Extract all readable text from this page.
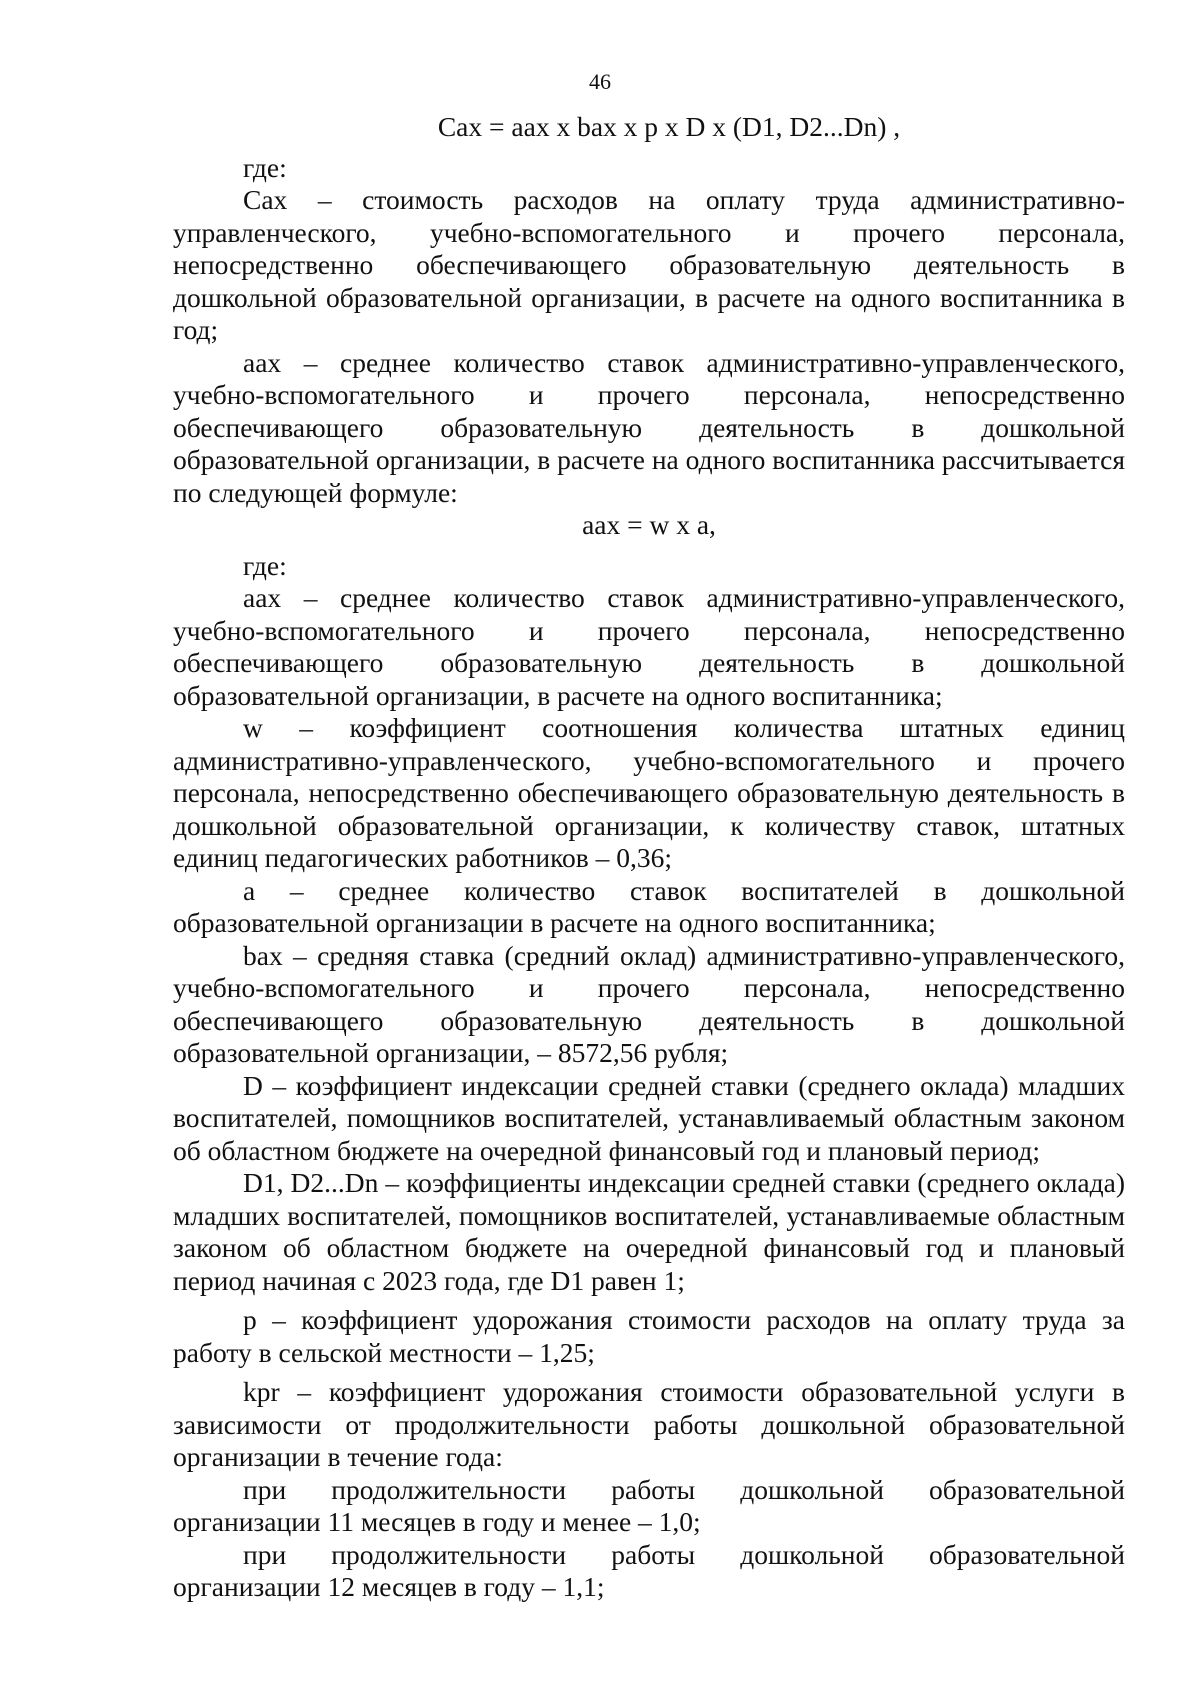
46
Сах = aах х bах х р х D х (D1, D2...Dn) ,

где:

Сах – стоимость расходов на оплату труда административно-управленческого, учебно-вспомогательного и прочего персонала, непосредственно обеспечивающего образовательную деятельность в дошкольной образовательной организации, в расчете на одного воспитанника в год;

aах – среднее количество ставок административно-управленческого, учебно-вспомогательного и прочего персонала, непосредственно обеспечивающего образовательную деятельность в дошкольной образовательной организации, в расчете на одного воспитанника рассчитывается по следующей формуле:

aах = w х а,

где:

aах – среднее количество ставок административно-управленческого, учебно-вспомогательного и прочего персонала, непосредственно обеспечивающего образовательную деятельность в дошкольной образовательной организации, в расчете на одного воспитанника;

w – коэффициент соотношения количества штатных единиц административно-управленческого, учебно-вспомогательного и прочего персонала, непосредственно обеспечивающего образовательную деятельность в дошкольной образовательной организации, к количеству ставок, штатных единиц педагогических работников – 0,36;

а – среднее количество ставок воспитателей в дошкольной образовательной организации в расчете на одного воспитанника;

bах – средняя ставка (средний оклад) административно-управленческого, учебно-вспомогательного и прочего персонала, непосредственно обеспечивающего образовательную деятельность в дошкольной образовательной организации, – 8572,56 рубля;

D – коэффициент индексации средней ставки (среднего оклада) младших воспитателей, помощников воспитателей, устанавливаемый областным законом об областном бюджете на очередной финансовый год и плановый период;

D1, D2...Dn – коэффициенты индексации средней ставки (среднего оклада) младших воспитателей, помощников воспитателей, устанавливаемые областным законом об областном бюджете на очередной финансовый год и плановый период начиная с 2023 года, где D1 равен 1;

р – коэффициент удорожания стоимости расходов на оплату труда за работу в сельской местности – 1,25;

kpr – коэффициент удорожания стоимости образовательной услуги в зависимости от продолжительности работы дошкольной образовательной организации в течение года:

при продолжительности работы дошкольной образовательной организации 11 месяцев в году и менее – 1,0;

при продолжительности работы дошкольной образовательной организации 12 месяцев в году – 1,1;
